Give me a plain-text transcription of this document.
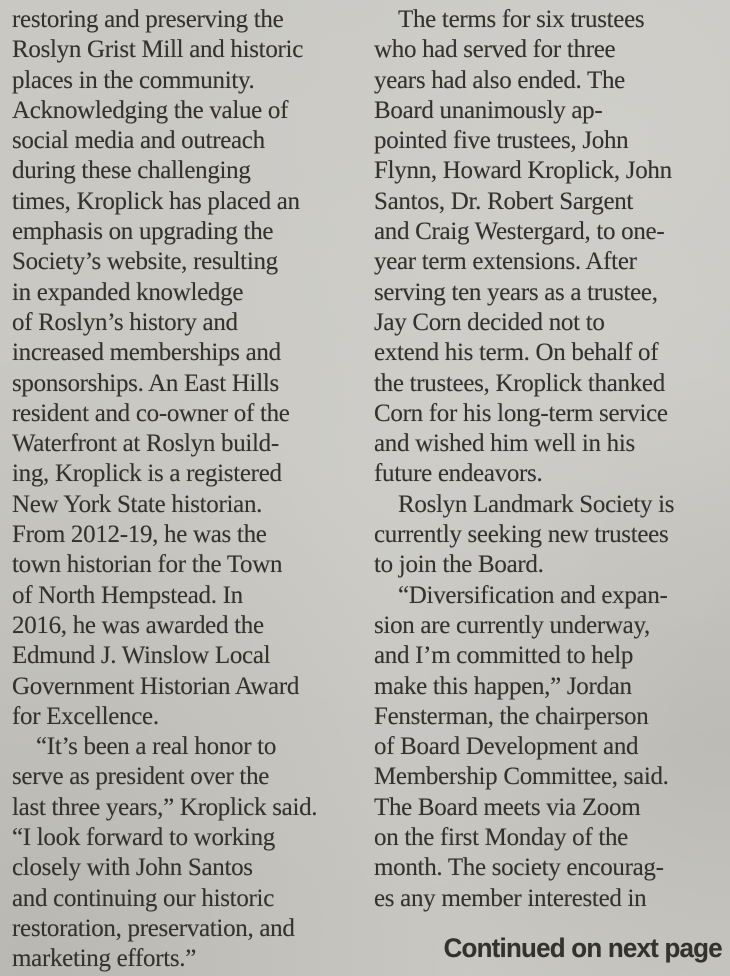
restoring and preserving the
Roslyn Grist Mill and historic
places in the community.
Acknowledging the value of
social media and outreach
during these challenging
times, Kroplick has placed an
emphasis on upgrading the
Society’s website, resulting
in expanded knowledge
of Roslyn’s history and
increased memberships and
sponsorships. An East Hills
resident and co-owner of the
Waterfront at Roslyn build-
ing, Kroplick is a registered
New York State historian.
From 2012-19, he was the
town historian for the Town
of North Hempstead. In
2016, he was awarded the
Edmund J. Winslow Local
Government Historian Award
for Excellence.
“It’s been a real honor to
serve as president over the
last three years,” Kroplick said.
“I look forward to working
closely with John Santos
and continuing our historic
restoration, preservation, and
marketing efforts.”
The terms for six trustees
who had served for three
years had also ended. The
Board unanimously ap-
pointed five trustees, John
Flynn, Howard Kroplick, John
Santos, Dr. Robert Sargent
and Craig Westergard, to one-
year term extensions. After
serving ten years as a trustee,
Jay Corn decided not to
extend his term. On behalf of
the trustees, Kroplick thanked
Corn for his long-term service
and wished him well in his
future endeavors.
Roslyn Landmark Society is
currently seeking new trustees
to join the Board.
“Diversification and expan-
sion are currently underway,
and I’m committed to help
make this happen,” Jordan
Fensterman, the chairperson
of Board Development and
Membership Committee, said.
The Board meets via Zoom
on the first Monday of the
month. The society encourag-
es any member interested in
Continued on next page
